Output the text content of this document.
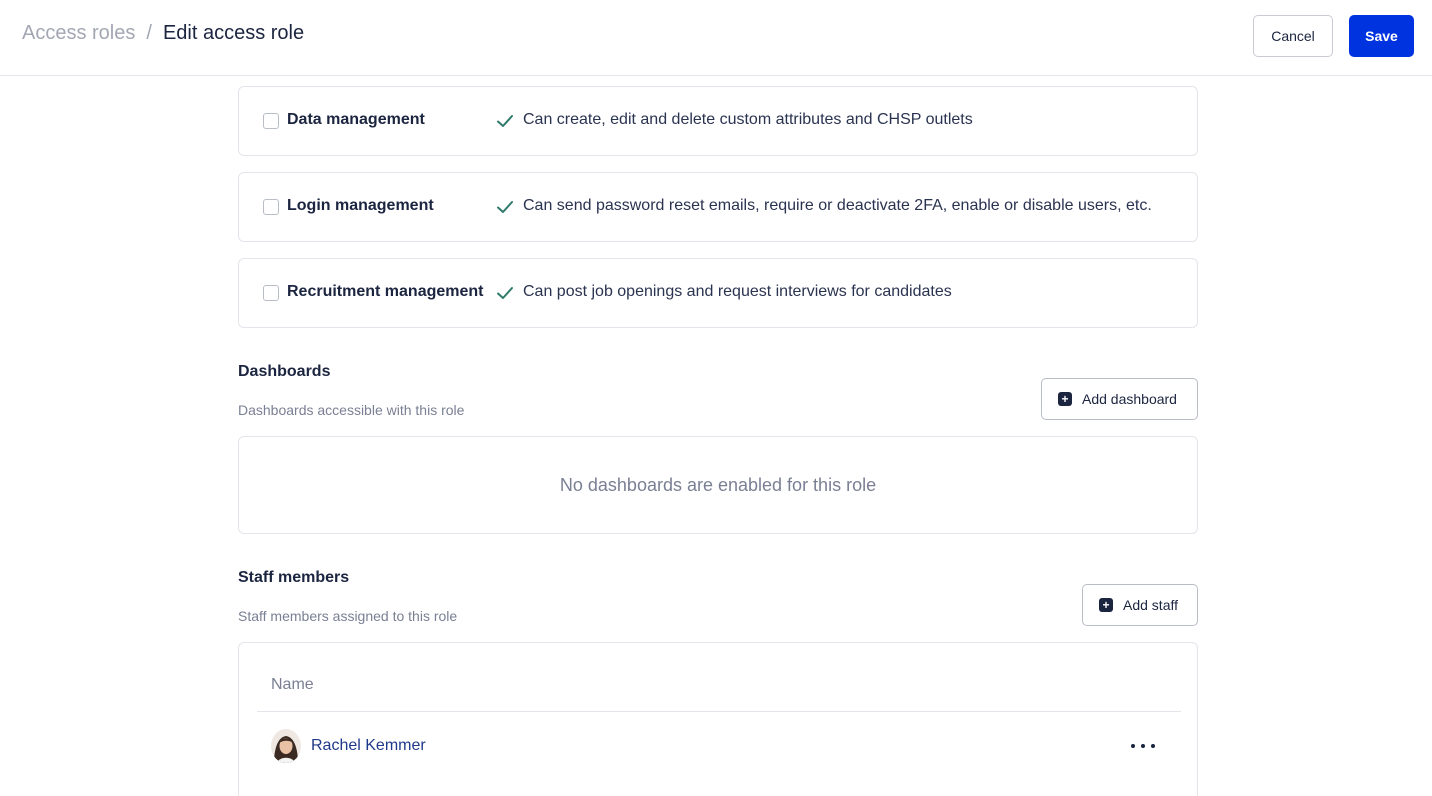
Access roles / Edit access role	Cancel	Save
Data management	Can create, edit and delete custom attributes and CHSP outlets
Login management	Can send password reset emails, require or deactivate 2FA, enable or disable users, etc.
Recruitment management Can post job openings and request interviews for candidates
Dashboards
Dashboards accessible with this role
+ Add dashboard
No dashboards are enabled for this role
Staff members
Staff members assigned to this role
+ Add staff
Name
Rachel Kemmer
